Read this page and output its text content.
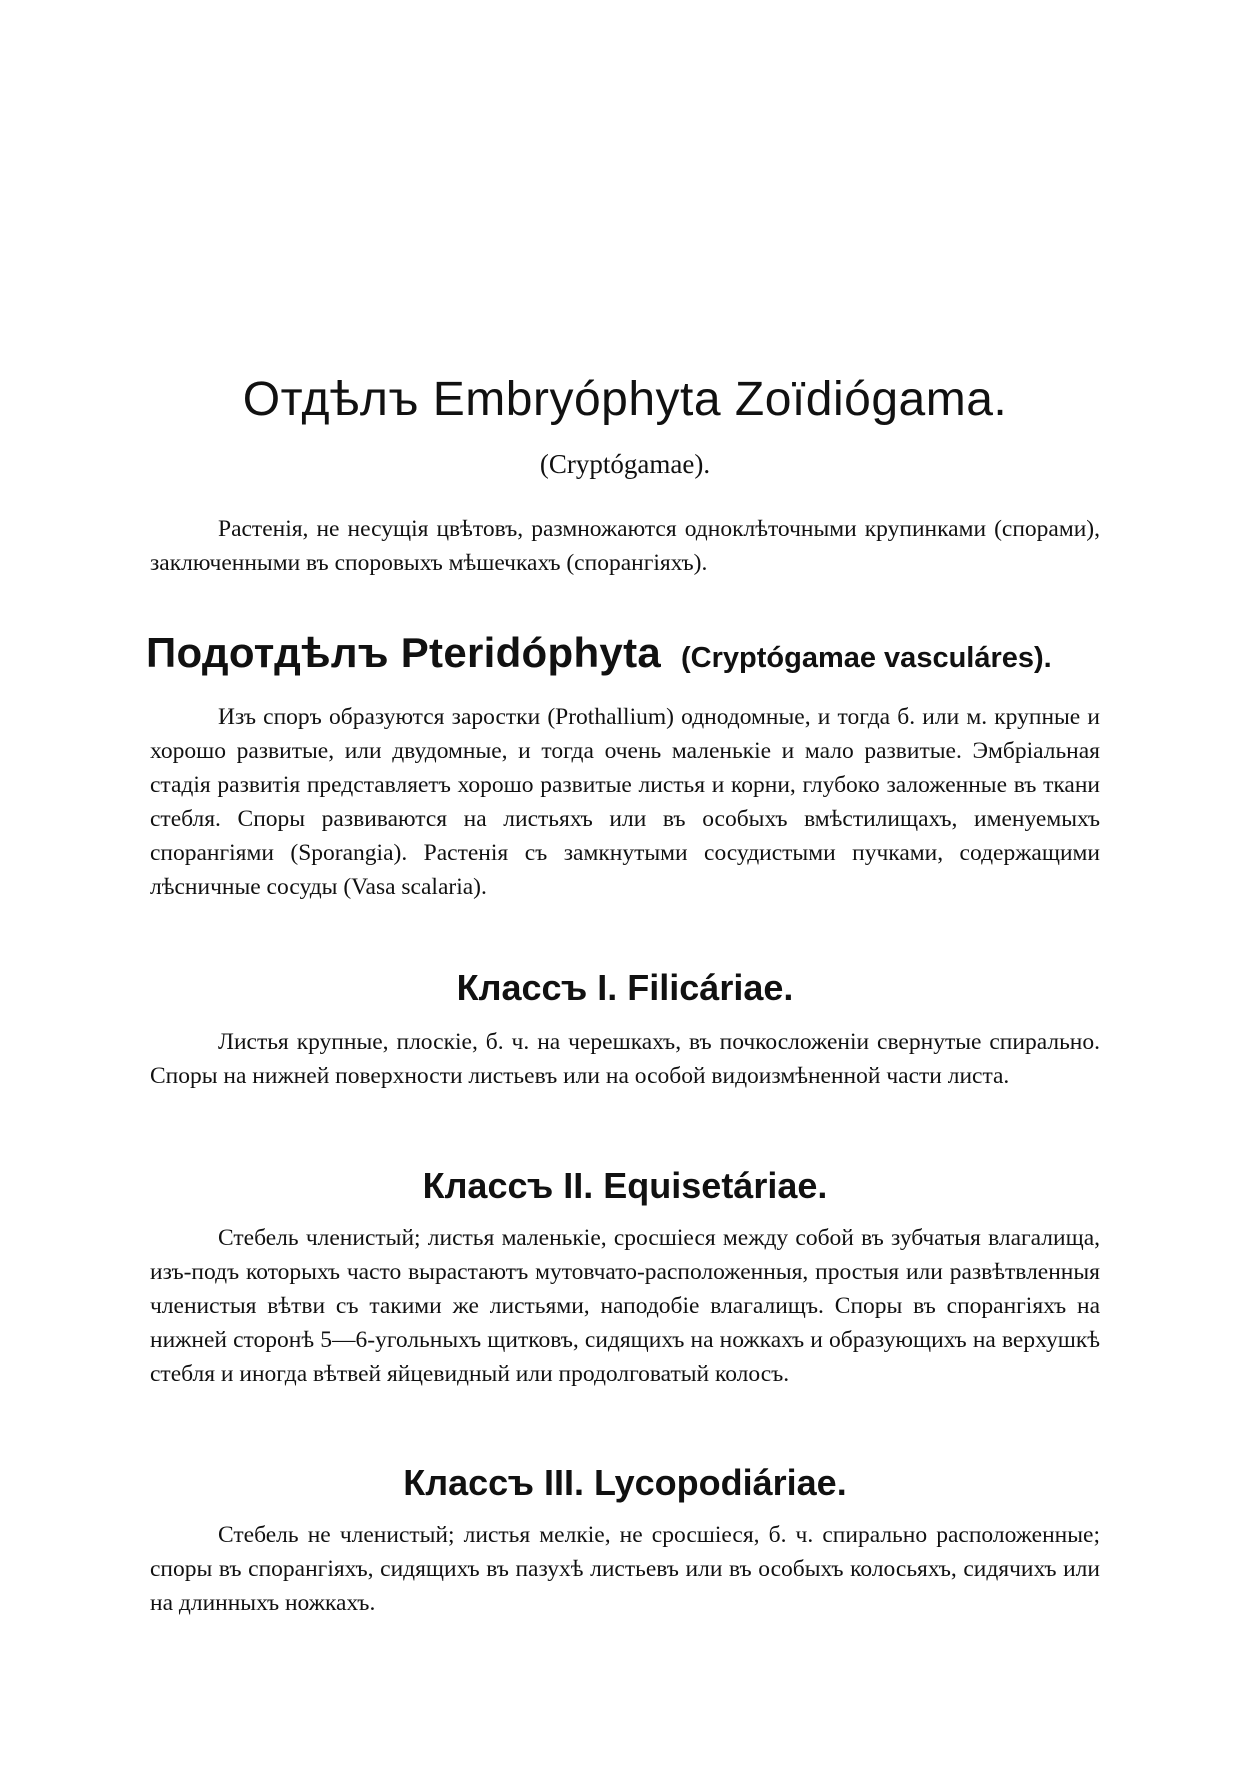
Отдѣлъ Embryóphyta Zoïdiógama.
(Cryptógamae).

Растенія, не несущія цвѣтовъ, размножаются одноклѣточными крупинками (спорами), заключенными въ споровыхъ мѣшечкахъ (спорангіяхъ).

Подотдѣлъ Pteridóphyta (Cryptógamae vasculáres).

Изъ споръ образуются заростки (Prothallium) однодомные, и тогда б. или м. крупные и хорошо развитые, или двудомные, и тогда очень маленькіе и мало развитые. Эмбріальная стадія развитія представляетъ хорошо развитые листья и корни, глубоко заложенные въ ткани стебля. Споры развиваются на листьяхъ или въ особыхъ вмѣстилищахъ, именуемыхъ спорангіями (Sporangia). Растенія съ замкнутыми сосудистыми пучками, содержащими лѣсничные сосуды (Vasa scalaria).

Классъ I. Filicáriae.

Листья крупные, плоскіе, б. ч. на черешкахъ, въ почкосложеніи свернутые спирально. Споры на нижней поверхности листьевъ или на особой видоизмѣненной части листа.

Классъ II. Equisetáriae.

Стебель членистый; листья маленькіе, сросшіеся между собой въ зубчатыя влагалища, изъ-подъ которыхъ часто вырастаютъ мутовчато-расположенныя, простыя или развѣтвленныя членистыя вѣтви съ такими же листьями, наподобіе влагалищъ. Споры въ спорангіяхъ на нижней сторонѣ 5—6-угольныхъ щитковъ, сидящихъ на ножкахъ и образующихъ на верхушкѣ стебля и иногда вѣтвей яйцевидный или продолговатый колосъ.

Классъ III. Lycopodiáriae.

Стебель не членистый; листья мелкіе, не сросшіеся, б. ч. спирально расположенные; споры въ спорангіяхъ, сидящихъ въ пазухѣ листьевъ или въ особыхъ колосьяхъ, сидячихъ или на длинныхъ ножкахъ.
